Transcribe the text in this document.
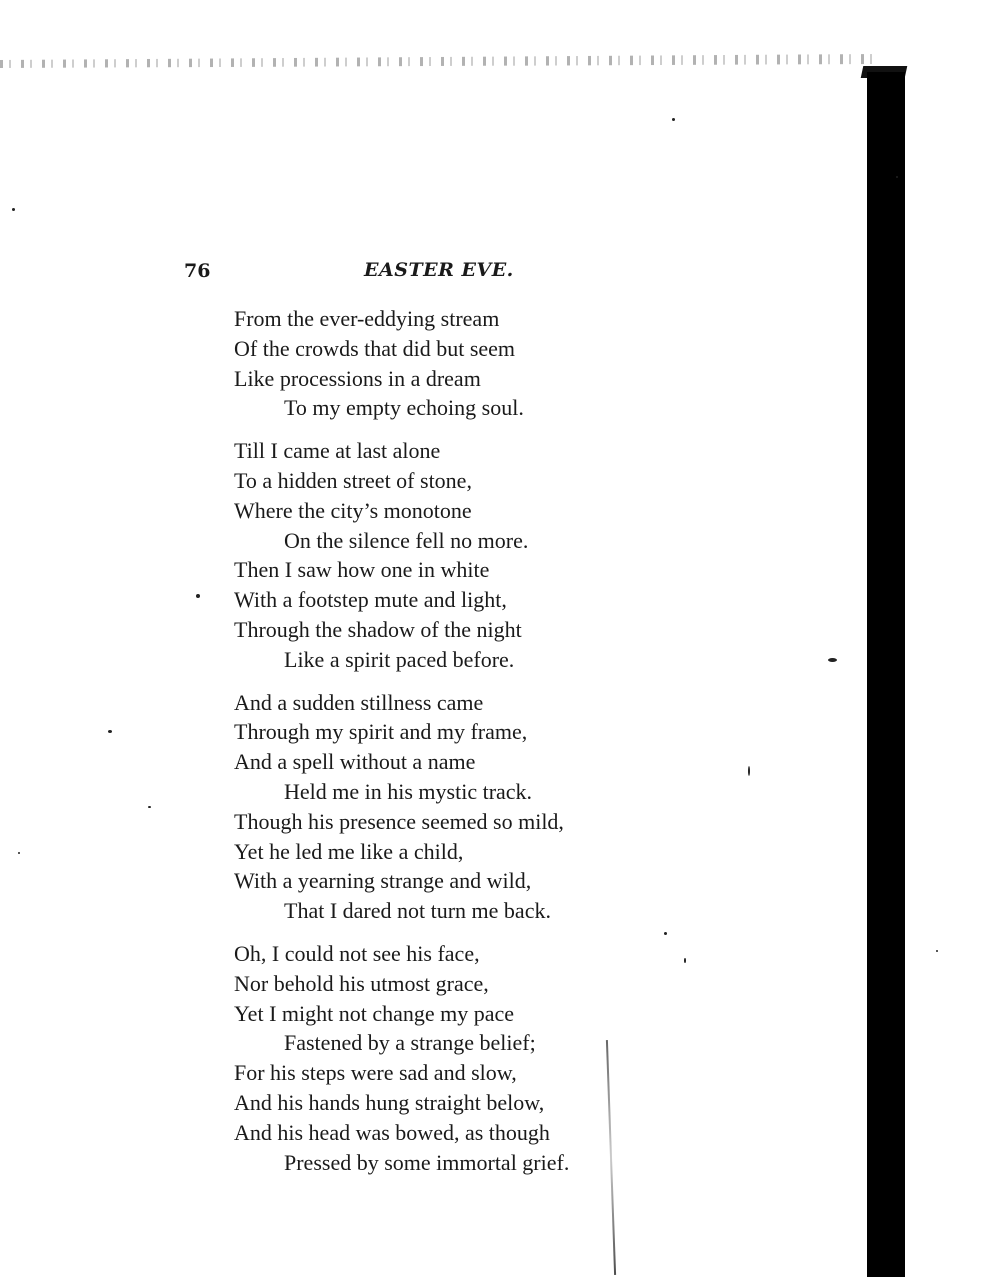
76	EASTER EVE.
From the ever-eddying stream
Of the crowds that did but seem
Like processions in a dream
To my empty echoing soul.
Till I came at last alone
To a hidden street of stone,
Where the city’s monotone
On the silence fell no more.
Then I saw how one in white
With a footstep mute and light,
Through the shadow of the night
Like a spirit paced before.
And a sudden stillness came
Through my spirit and my frame,
And a spell without a name
Held me in his mystic track.
Though his presence seemed so mild,
Yet he led me like a child,
With a yearning strange and wild,
That I dared not turn me back.
Oh, I could not see his face,
Nor behold his utmost grace,
Yet I might not change my pace
Fastened by a strange belief;
For his steps were sad and slow,
And his hands hung straight below,
And his head was bowed, as though
Pressed by some immortal grief.
